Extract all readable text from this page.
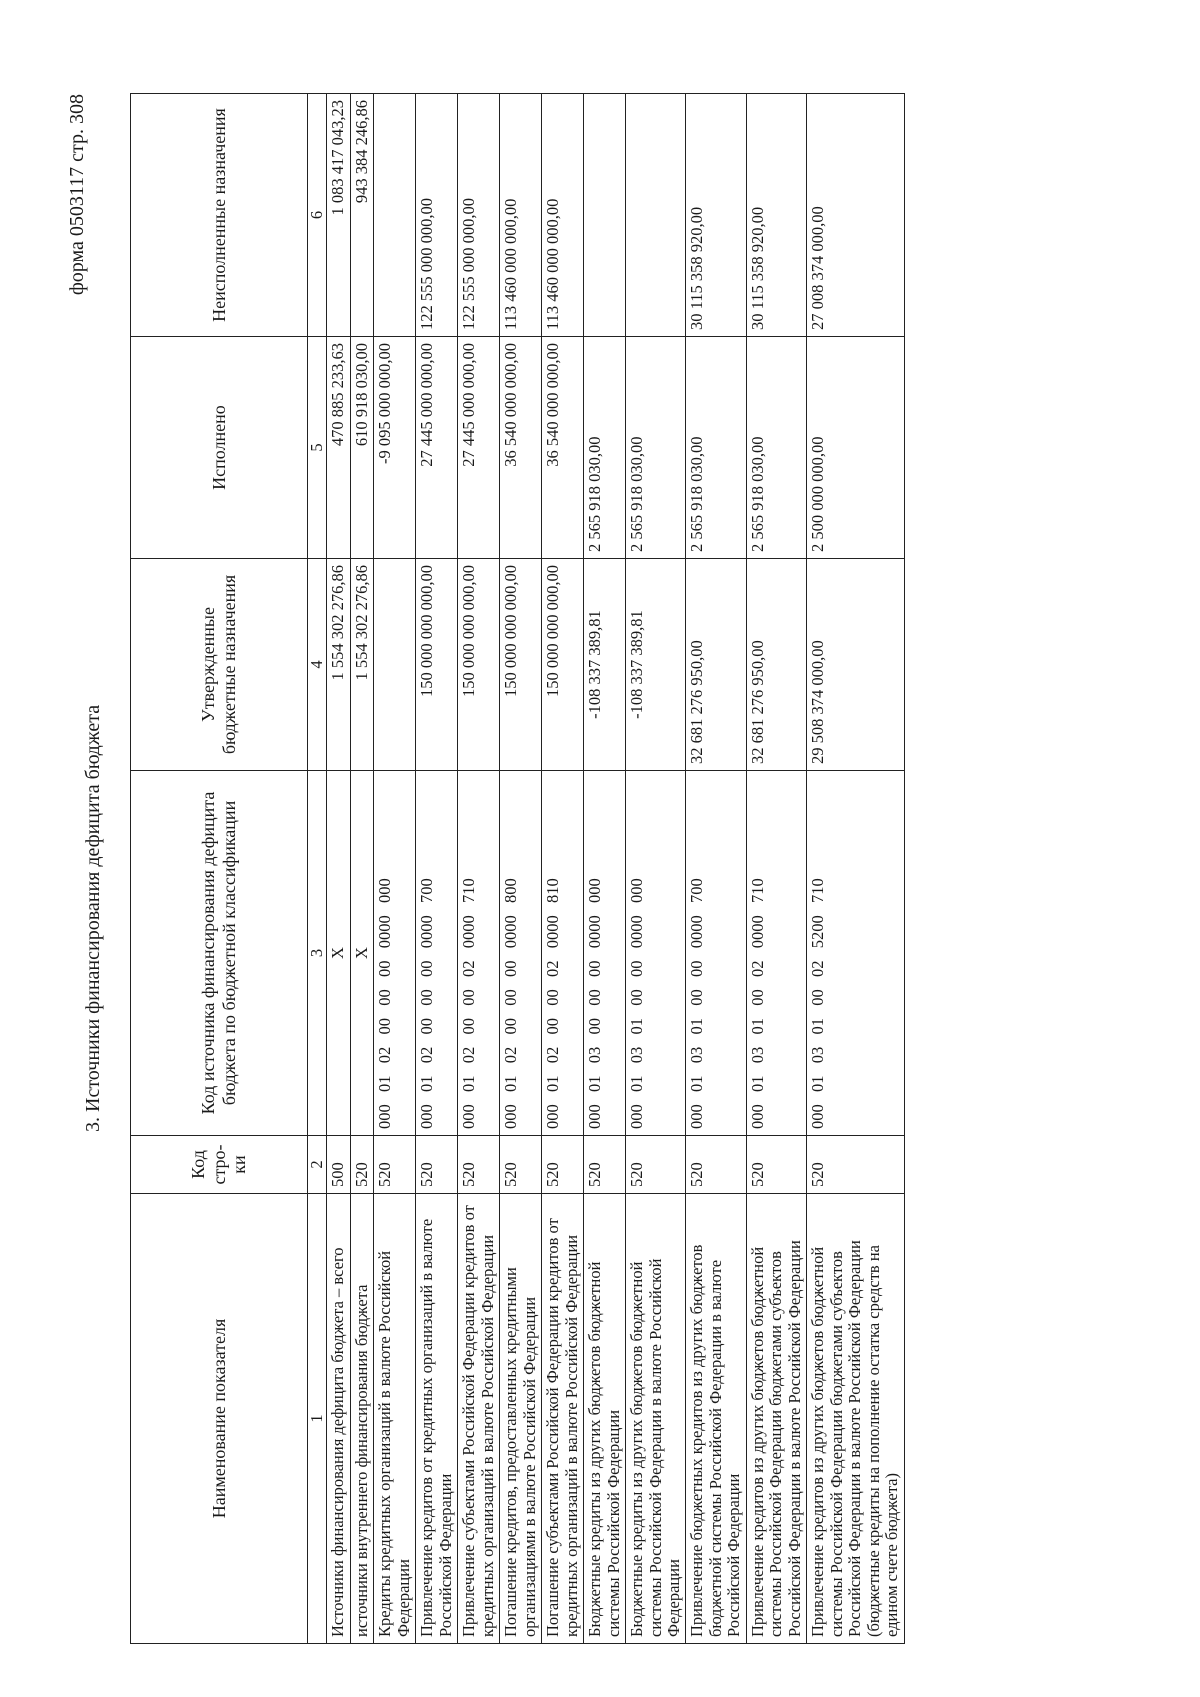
форма 0503117 стр. 308
3. Источники финансирования дефицита бюджета
Наименование показателя	Код стро-ки	Код источника финансирования дефицита бюджета по бюджетной классификации	Утвержденные бюджетные назначения	Исполнено	Неисполненные назначения
1	2	3	4	5	6
Источники финансирования дефицита бюджета – всего	500	X	1 554 302 276,86	470 885 233,63	1 083 417 043,23
источники внутреннего финансирования бюджета	520	X	1 554 302 276,86	610 918 030,00	943 384 246,86
Кредиты кредитных организаций в валюте Российской Федерации	520	000  01  02  00  00  00  0000  000		-9 095 000 000,00	
Привлечение кредитов от кредитных организаций в валюте Российской Федерации	520	000  01  02  00  00  00  0000  700	150 000 000 000,00	27 445 000 000,00	122 555 000 000,00
Привлечение субъектами Российской Федерации кредитов от кредитных организаций в валюте Российской Федерации	520	000  01  02  00  00  02  0000  710	150 000 000 000,00	27 445 000 000,00	122 555 000 000,00
Погашение кредитов, предоставленных кредитными организациями в валюте Российской Федерации	520	000  01  02  00  00  00  0000  800	150 000 000 000,00	36 540 000 000,00	113 460 000 000,00
Погашение субъектами Российской Федерации кредитов от кредитных организаций в валюте Российской Федерации	520	000  01  02  00  00  02  0000  810	150 000 000 000,00	36 540 000 000,00	113 460 000 000,00
Бюджетные кредиты из других бюджетов бюджетной системы Российской Федерации	520	000  01  03  00  00  00  0000  000	-108 337 389,81	2 565 918 030,00	
Бюджетные кредиты из других бюджетов бюджетной системы Российской Федерации в валюте Российской Федерации	520	000  01  03  01  00  00  0000  000	-108 337 389,81	2 565 918 030,00	
Привлечение бюджетных кредитов из других бюджетов бюджетной системы Российской Федерации в валюте Российской Федерации	520	000  01  03  01  00  00  0000  700	32 681 276 950,00	2 565 918 030,00	30 115 358 920,00
Привлечение кредитов из других бюджетов бюджетной системы Российской Федерации бюджетами субъектов Российской Федерации в валюте Российской Федерации	520	000  01  03  01  00  02  0000  710	32 681 276 950,00	2 565 918 030,00	30 115 358 920,00
Привлечение кредитов из других бюджетов бюджетной системы Российской Федерации бюджетами субъектов Российской Федерации в валюте Российской Федерации (бюджетные кредиты на пополнение остатка средств на едином счете бюджета)	520	000  01  03  01  00  02  5200  710	29 508 374 000,00	2 500 000 000,00	27 008 374 000,00
